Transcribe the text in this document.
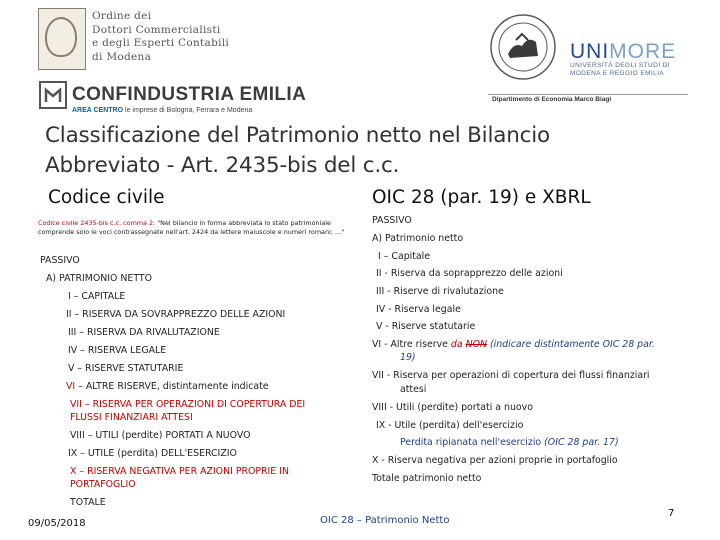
Ordine dei
Dottori Commercialisti
e degli Esperti Contabili
di Modena
CONFINDUSTRIA EMILIA
AREA CENTRO le imprese di Bologna, Ferrara e Modena
UNIMORE
UNIVERSITÀ DEGLI STUDI DI
MODENA E REGGIO EMILIA
Dipartimento di Economia Marco Biagi
Classificazione del Patrimonio netto nel Bilancio
Abbreviato - Art. 2435-bis del c.c.
Codice civile	OIC 28 (par. 19) e XBRL
Codice civile 2435-bis c.c. comma 2: "Nel bilancio in forma abbreviata lo stato patrimoniale comprende solo le voci contrassegnate nell'art. 2424 da lettere maiuscole e numeri romani; …"
PASSIVO
A) PATRIMONIO NETTO
I – CAPITALE
II – RISERVA DA SOVRAPPREZZO DELLE AZIONI
III – RISERVA DA RIVALUTAZIONE
IV – RISERVA LEGALE
V – RISERVE STATUTARIE
VI – ALTRE RISERVE, distintamente indicate
VII – RISERVA PER OPERAZIONI DI COPERTURA DEI
FLUSSI FINANZIARI ATTESI
VIII – UTILI (perdite) PORTATI A NUOVO
IX – UTILE (perdita) DELL'ESERCIZIO
X – RISERVA NEGATIVA PER AZIONI PROPRIE IN
PORTAFOGLIO
TOTALE
PASSIVO
A) Patrimonio netto
I – Capitale
II - Riserva da soprapprezzo delle azioni
III - Riserve di rivalutazione
IV - Riserva legale
V - Riserve statutarie
VI - Altre riserve da NON (indicare distintamente OIC 28 par.
19)
VII - Riserva per operazioni di copertura dei flussi finanziari
attesi
VIII - Utili (perdite) portati a nuovo
IX - Utile (perdita) dell'esercizio
Perdita ripianata nell'esercizio (OIC 28 par. 17)
X - Riserva negativa per azioni proprie in portafoglio
Totale patrimonio netto
09/05/2018	OIC 28 – Patrimonio Netto
7
